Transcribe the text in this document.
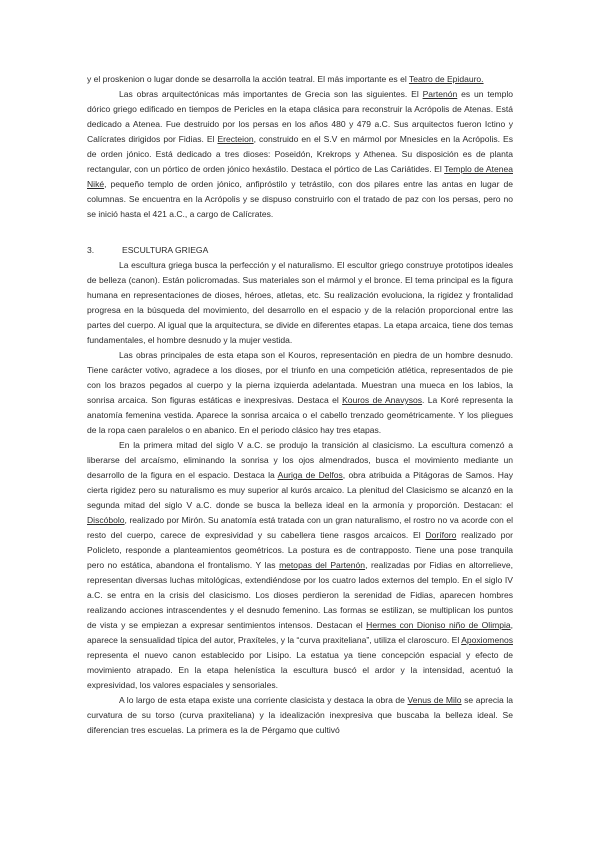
y el proskenion o lugar donde se desarrolla la acción teatral. El más importante es el Teatro de Epidauro.

Las obras arquitectónicas más importantes de Grecia son las siguientes. El Partenón es un templo dórico griego edificado en tiempos de Pericles en la etapa clásica para reconstruir la Acrópolis de Atenas. Está dedicado a Atenea. Fue destruido por los persas en los años 480 y 479 a.C. Sus arquitectos fueron Ictino y Calícrates dirigidos por Fidias. El Erecteion, construido en el S.V en mármol por Mnesicles en la Acrópolis. Es de orden jónico. Está dedicado a tres dioses: Poseidón, Krekrops y Athenea. Su disposición es de planta rectangular, con un pórtico de orden jónico hexástilo. Destaca el pórtico de Las Cariátides. El Templo de Atenea Niké, pequeño templo de orden jónico, anfipróstilo y tetrástilo, con dos pilares entre las antas en lugar de columnas. Se encuentra en la Acrópolis y se dispuso construirlo con el tratado de paz con los persas, pero no se inició hasta el 421 a.C., a cargo de Calícrates.

3.	ESCULTURA GRIEGA

La escultura griega busca la perfección y el naturalismo. El escultor griego construye prototipos ideales de belleza (canon). Están policromadas. Sus materiales son el mármol y el bronce. El tema principal es la figura humana en representaciones de dioses, héroes, atletas, etc. Su realización evoluciona, la rigidez y frontalidad progresa en la búsqueda del movimiento, del desarrollo en el espacio y de la relación proporcional entre las partes del cuerpo. Al igual que la arquitectura, se divide en diferentes etapas. La etapa arcaica, tiene dos temas fundamentales, el hombre desnudo y la mujer vestida.

Las obras principales de esta etapa son el Kouros, representación en piedra de un hombre desnudo. Tiene carácter votivo, agradece a los dioses, por el triunfo en una competición atlética, representados de pie con los brazos pegados al cuerpo y la pierna izquierda adelantada. Muestran una mueca en los labios, la sonrisa arcaica. Son figuras estáticas e inexpresivas. Destaca el Kouros de Anavysos. La Koré representa la anatomía femenina vestida. Aparece la sonrisa arcaica o el cabello trenzado geométricamente. Y los pliegues de la ropa caen paralelos o en abanico. En el periodo clásico hay tres etapas.

En la primera mitad del siglo V a.C. se produjo la transición al clasicismo. La escultura comenzó a liberarse del arcaísmo, eliminando la sonrisa y los ojos almendrados, busca el movimiento mediante un desarrollo de la figura en el espacio. Destaca la Auriga de Delfos, obra atribuida a Pitágoras de Samos. Hay cierta rigidez pero su naturalismo es muy superior al kurós arcaico. La plenitud del Clasicismo se alcanzó en la segunda mitad del siglo V a.C. donde se busca la belleza ideal en la armonía y proporción. Destacan: el Discóbolo, realizado por Mirón. Su anatomía está tratada con un gran naturalismo, el rostro no va acorde con el resto del cuerpo, carece de expresividad y su cabellera tiene rasgos arcaicos. El Doríforo realizado por Policleto, responde a planteamientos geométricos. La postura es de contrapposto. Tiene una pose tranquila pero no estática, abandona el frontalismo. Y las metopas del Partenón, realizadas por Fidias en altorrelieve, representan diversas luchas mitológicas, extendiéndose por los cuatro lados externos del templo. En el siglo IV a.C. se entra en la crisis del clasicismo. Los dioses perdieron la serenidad de Fidias, aparecen hombres realizando acciones intrascendentes y el desnudo femenino. Las formas se estilizan, se multiplican los puntos de vista y se empiezan a expresar sentimientos intensos. Destacan el Hermes con Dioniso niño de Olimpia, aparece la sensualidad típica del autor, Praxíteles, y la “curva praxiteliana”, utiliza el claroscuro. El Apoxiomenos representa el nuevo canon establecido por Lisipo. La estatua ya tiene concepción espacial y efecto de movimiento atrapado. En la etapa helenística la escultura buscó el ardor y la intensidad, acentuó la expresividad, los valores espaciales y sensoriales.

A lo largo de esta etapa existe una corriente clasicista y destaca la obra de Venus de Milo se aprecia la curvatura de su torso (curva praxiteliana) y la idealización inexpresiva que buscaba la belleza ideal. Se diferencian tres escuelas. La primera es la de Pérgamo que cultivó
